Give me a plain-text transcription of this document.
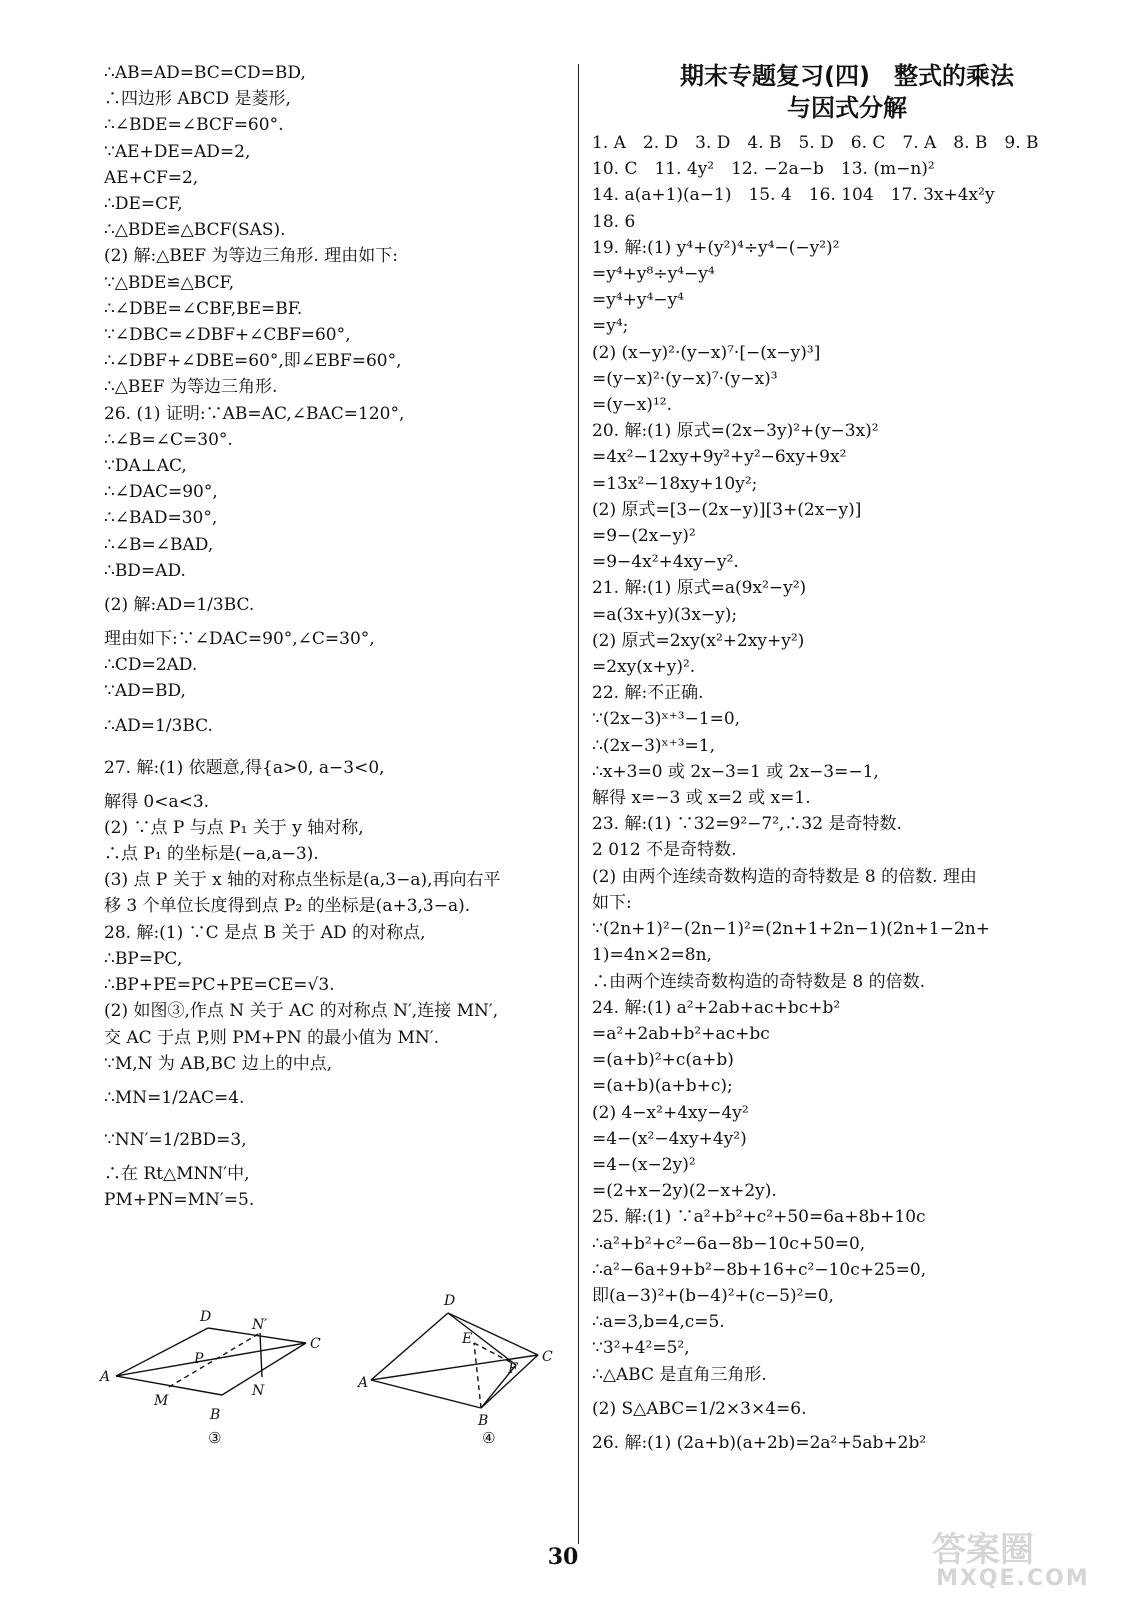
∴AB=AD=BC=CD=BD,
∴四边形 ABCD 是菱形,
∴∠BDE=∠BCF=60°.
∵AE+DE=AD=2,
AE+CF=2,
∴DE=CF,
∴△BDE≌△BCF(SAS).
(2) 解:△BEF 为等边三角形. 理由如下:
∵△BDE≌△BCF,
∴∠DBE=∠CBF,BE=BF.
∵∠DBC=∠DBF+∠CBF=60°,
∴∠DBF+∠DBE=60°,即∠EBF=60°,
∴△BEF 为等边三角形.
26. (1) 证明:∵AB=AC,∠BAC=120°,
∴∠B=∠C=30°.
∵DA⊥AC,
∴∠DAC=90°,
∴∠BAD=30°,
∴∠B=∠BAD,
∴BD=AD.
(2) 解:AD=1/3BC.
理由如下:∵∠DAC=90°,∠C=30°,
∴CD=2AD.
∵AD=BD,
∴AD=1/3BC.
27. 解:(1) 依题意,得{a>0, a−3<0,
解得 0<a<3.
(2) ∵点 P 与点 P₁ 关于 y 轴对称,
∴点 P₁ 的坐标是(−a,a−3).
(3) 点 P 关于 x 轴的对称点坐标是(a,3−a),再向右平
移 3 个单位长度得到点 P₂ 的坐标是(a+3,3−a).
28. 解:(1) ∵C 是点 B 关于 AD 的对称点,
∴BP=PC,
∴BP+PE=PC+PE=CE=√3.
(2) 如图③,作点 N 关于 AC 的对称点 N′,连接 MN′,
交 AC 于点 P,则 PM+PN 的最小值为 MN′.
∵M,N 为 AB,BC 边上的中点,
∴MN=1/2AC=4.
∵NN′=1/2BD=3,
∴在 Rt△MNN′中,
PM+PN=MN′=5.
D	N′
C
P
A
N
M
B
D
E
C
F
A
B
③	④
期末专题复习(四)　整式的乘法
与因式分解
1. A　2. D　3. D　4. B　5. D　6. C　7. A　8. B　9. B
10. C　11. 4y²　12. −2a−b　13. (m−n)²
14. a(a+1)(a−1)　15. 4　16. 104　17. 3x+4x²y
18. 6
19. 解:(1) y⁴+(y²)⁴÷y⁴−(−y²)²
=y⁴+y⁸÷y⁴−y⁴
=y⁴+y⁴−y⁴
=y⁴;
(2) (x−y)²·(y−x)⁷·[−(x−y)³]
=(y−x)²·(y−x)⁷·(y−x)³
=(y−x)¹².
20. 解:(1) 原式=(2x−3y)²+(y−3x)²
=4x²−12xy+9y²+y²−6xy+9x²
=13x²−18xy+10y²;
(2) 原式=[3−(2x−y)][3+(2x−y)]
=9−(2x−y)²
=9−4x²+4xy−y².
21. 解:(1) 原式=a(9x²−y²)
=a(3x+y)(3x−y);
(2) 原式=2xy(x²+2xy+y²)
=2xy(x+y)².
22. 解:不正确.
∵(2x−3)ˣ⁺³−1=0,
∴(2x−3)ˣ⁺³=1,
∴x+3=0 或 2x−3=1 或 2x−3=−1,
解得 x=−3 或 x=2 或 x=1.
23. 解:(1) ∵32=9²−7²,∴32 是奇特数.
2 012 不是奇特数.
(2) 由两个连续奇数构造的奇特数是 8 的倍数. 理由
如下:
∵(2n+1)²−(2n−1)²=(2n+1+2n−1)(2n+1−2n+
1)=4n×2=8n,
∴由两个连续奇数构造的奇特数是 8 的倍数.
24. 解:(1) a²+2ab+ac+bc+b²
=a²+2ab+b²+ac+bc
=(a+b)²+c(a+b)
=(a+b)(a+b+c);
(2) 4−x²+4xy−4y²
=4−(x²−4xy+4y²)
=4−(x−2y)²
=(2+x−2y)(2−x+2y).
25. 解:(1) ∵a²+b²+c²+50=6a+8b+10c
∴a²+b²+c²−6a−8b−10c+50=0,
∴a²−6a+9+b²−8b+16+c²−10c+25=0,
即(a−3)²+(b−4)²+(c−5)²=0,
∴a=3,b=4,c=5.
∵3²+4²=5²,
∴△ABC 是直角三角形.
(2) S△ABC=1/2×3×4=6.
26. 解:(1) (2a+b)(a+2b)=2a²+5ab+2b²
30	答案圈
MXQE.COM
